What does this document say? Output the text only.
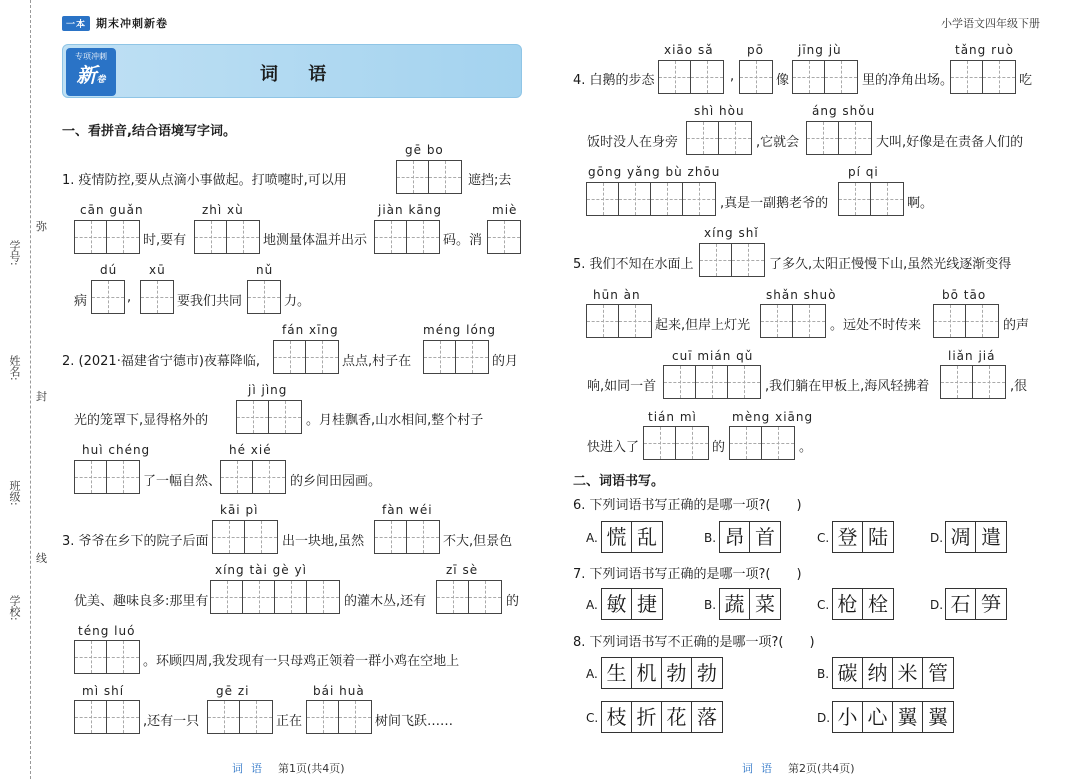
一本 期末冲刺新卷	小学语文四年级下册
专项冲刺
新卷	词 语
学校:
班级:
姓名:
学号:
弥
封
线
一、看拼音,结合语境写字词。
gē bo
1. 疫情防控,要从点滴小事做起。打喷嚏时,可以用	遮挡;去
cān guǎn	zhì xù	jiàn kāng	miè
时,要有	地测量体温并出示	码。消
dú	xū	nǔ
病	,	要我们共同	力。
fán xīng	méng lóng
2. (2021·福建省宁德市)夜幕降临,	点点,村子在	的月
jì jìng
光的笼罩下,显得格外的	。月桂飘香,山水相间,整个村子
huì chéng	hé xié
了一幅自然、	的乡间田园画。
kāi pì	fàn wéi
3. 爷爷在乡下的院子后面	出一块地,虽然	不大,但景色
xíng tài gè yì	zī sè
优美、趣味良多:那里有	的灌木丛,还有	的
téng luó
。环顾四周,我发现有一只母鸡正领着一群小鸡在空地上
mì shí	gē zi	bái huà
,还有一只	正在	树间飞跃……
xiāo sǎ	pō	jīng jù	tǎng ruò
4. 白鹅的步态	,	像	里的净角出场。	吃
shì hòu	áng shǒu
饭时没人在身旁	,它就会	大叫,好像是在责备人们的
gōng yǎng bù zhōu	pí qi
,真是一副鹅老爷的	啊。
xíng shǐ
5. 我们不知在水面上	了多久,太阳正慢慢下山,虽然光线逐渐变得
hūn àn	shǎn shuò	bō tāo
起来,但岸上灯光	。远处不时传来	的声
cuī mián qǔ	liǎn jiá
响,如同一首	,我们躺在甲板上,海风轻拂着	,很
tián mì	mèng xiāng
快进入了	的	。
二、词语书写。
6. 下列词语书写正确的是哪一项?(　　)
A. 慌 乱	B. 昂 首	C. 登 陆	D. 凋 遣
7. 下列词语书写正确的是哪一项?(　　)
A. 敏 捷	B. 蔬 菜	C. 枪 栓	D. 石 笋
8. 下列词语书写不正确的是哪一项?(　　)
A. 生 机 勃 勃	B. 碳 纳 米 管
C. 枝 折 花 落	D. 小 心 翼 翼
词语 第1页(共4页)	词语 第2页(共4页)
